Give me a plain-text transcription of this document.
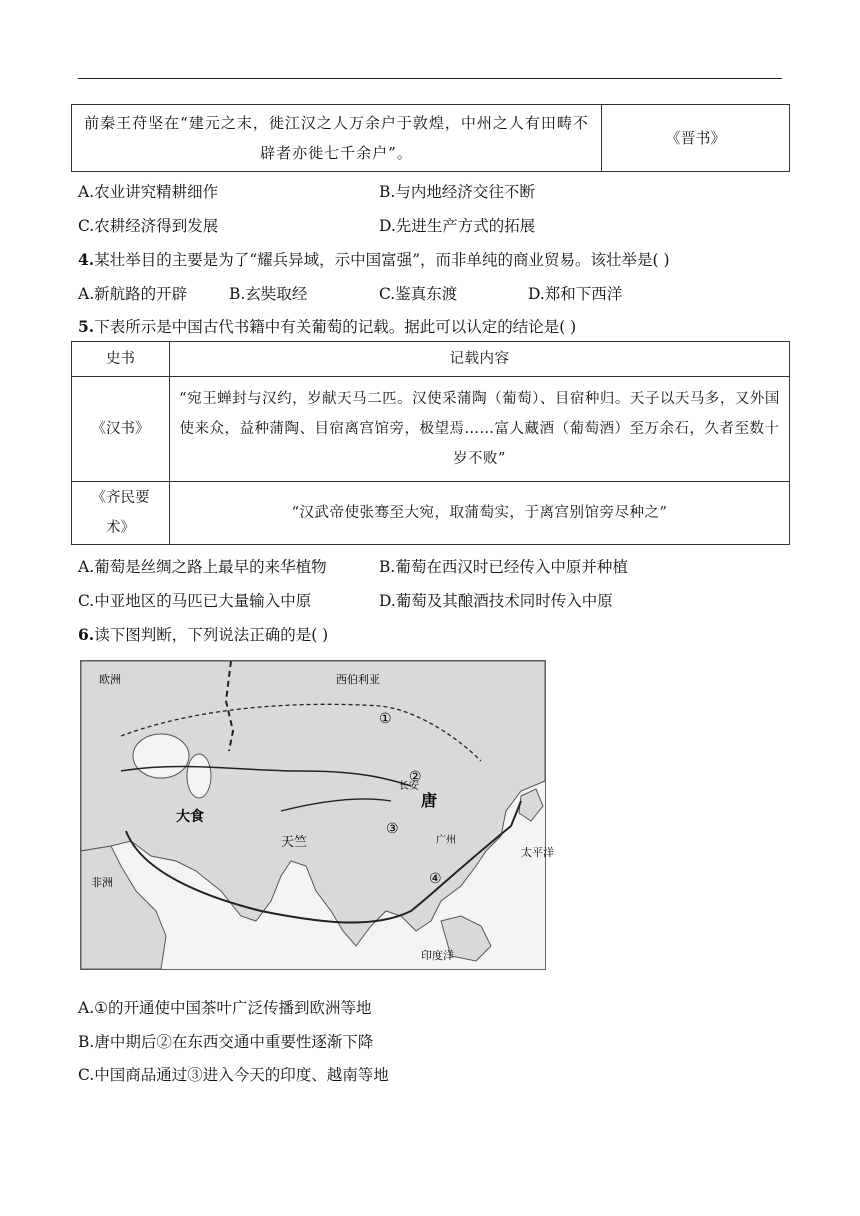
前秦王苻坚在“建元之末，徙江汉之人万余户于敦煌，中州之人有田畴不辟者亦徙七千余户”。	《晋书》
A.农业讲究精耕细作	B.与内地经济交往不断
C.农耕经济得到发展	D.先进生产方式的拓展
4.某壮举目的主要是为了“耀兵异域，示中国富强”，而非单纯的商业贸易。该壮举是( )
A.新航路的开辟	B.玄奘取经	C.鉴真东渡	D.郑和下西洋
5.下表所示是中国古代书籍中有关葡萄的记载。据此可以认定的结论是( )
史书	记载内容
《汉书》	“宛王蝉封与汉约，岁献天马二匹。汉使采蒲陶（葡萄）、目宿种归。天子以天马多，又外国使来众，益种蒲陶、目宿离宫馆旁，极望焉……富人藏酒（葡萄酒）至万余石，久者至数十岁不败”
《齐民要术》	“汉武帝使张骞至大宛，取蒲萄实，于离宫别馆旁尽种之”
A.葡萄是丝绸之路上最早的来华植物	B.葡萄在西汉时已经传入中原并种植
C.中亚地区的马匹已大量输入中原	D.葡萄及其酿酒技术同时传入中原
6.读下图判断，下列说法正确的是( )
欧洲	西伯利亚
非洲
大食
天竺
唐
长安
广州
印度洋
太平洋
①
②
③
④
A.①的开通使中国茶叶广泛传播到欧洲等地
B.唐中期后②在东西交通中重要性逐渐下降
C.中国商品通过③进入今天的印度、越南等地
